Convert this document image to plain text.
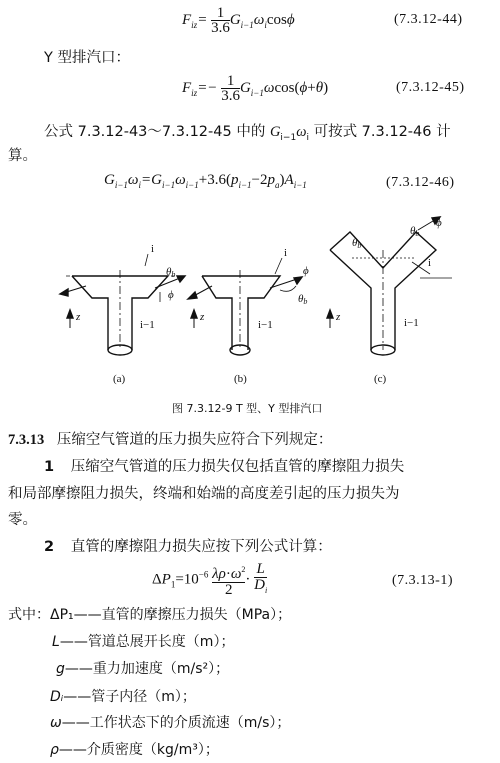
$F_{iz}= \frac{1}{3.6} G_{i-1}\omega_i\cos\phi$	(7.3.12-44)
Y 型排汽口：
$F_{iz}=- \frac{1}{3.6} G_{i-1}\omega\cos(\phi+\theta)$	(7.3.12-45)
公式 7.3.12-43～7.3.12-45 中的 $G_{i-1}\omega_i$ 可按式 7.3.12-46 计
算。
$G_{i-1}\omega_i=G_{i-1}\omega_{i-1}+3.6(p_{i-1}-2p_a)A_{i-1}$	(7.3.12-46)
i
θb
ϕ
i−1
z
(a)
i
ϕ
θb
i−1
z
(b)
θb
θb
ϕ
i
i−1
z
(c)
图 7.3.12-9 T 型、Y 型排汽口
7.3.13 压缩空气管道的压力损失应符合下列规定：
1 压缩空气管道的压力损失仅包括直管的摩擦阻力损失
和局部摩擦阻力损失，终端和始端的高度差引起的压力损失为
零。
2 直管的摩擦阻力损失应按下列公式计算：
$\Delta P_1=10^{-6} \frac{\lambda\rho\cdot\omega^2}{2} \cdot \frac{L}{D_i}$	(7.3.13-1)
式中：ΔP₁——直管的摩擦压力损失（MPa）；
L——管道总展开长度（m）；
g——重力加速度（m/s²）；
Dᵢ——管子内径（m）；
ω——工作状态下的介质流速（m/s）；
ρ——介质密度（kg/m³）；
